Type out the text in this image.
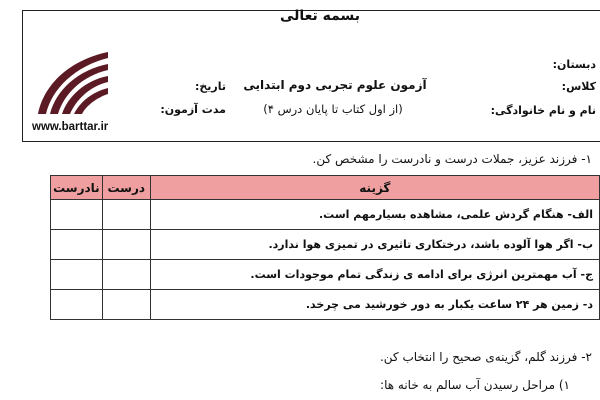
بسمه تعالی
آزمون علوم تجربی دوم ابتدایی
(از اول کتاب تا پایان درس ۴)
دبستان:
کلاس:
نام و نام خانوادگی:
تاریخ:
مدت آزمون:
www.barttar.ir
۱- فرزند عزیز، جملات درست و نادرست را مشخص کن.
گزینه	درست	نادرست
الف- هنگام گردش علمی، مشاهده بسیارمهم است.		
ب- اگر هوا آلوده باشد، درختکاری تاثیری در تمیزی هوا ندارد.		
ج- آب مهمترین انرژی برای ادامه ی زندگی تمام موجودات است.		
د- زمین هر ۲۴ ساعت یکبار به دور خورشید می چرخد.		
۲- فرزند گلم، گزینه‌ی صحیح را انتخاب کن.
۱) مراحل رسیدن آب سالم به خانه ها:
